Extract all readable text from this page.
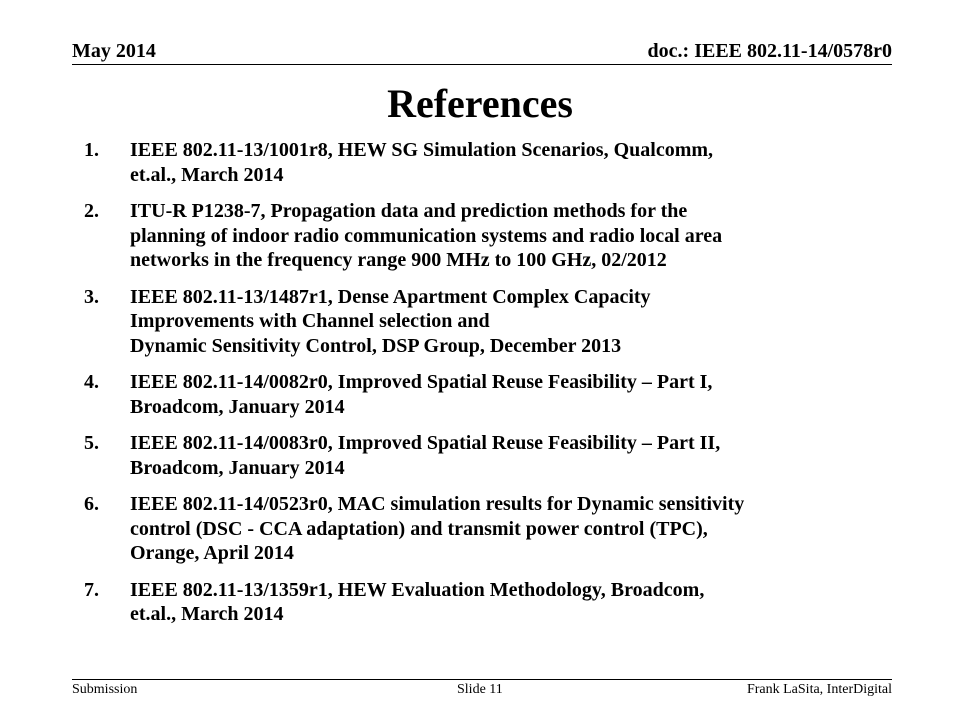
May 2014	doc.: IEEE 802.11-14/0578r0
References
1.	IEEE 802.11-13/1001r8, HEW SG Simulation Scenarios, Qualcomm,
et.al., March 2014
2.	ITU-R P1238-7, Propagation data and prediction methods for the
planning of indoor radio communication systems and radio local area
networks in the frequency range 900 MHz to 100 GHz, 02/2012
3.	IEEE 802.11-13/1487r1, Dense Apartment Complex Capacity
Improvements with Channel selection and
Dynamic Sensitivity Control, DSP Group, December 2013
4.	IEEE 802.11-14/0082r0, Improved Spatial Reuse Feasibility – Part I,
Broadcom, January 2014
5.	IEEE 802.11-14/0083r0, Improved Spatial Reuse Feasibility – Part II,
Broadcom, January 2014
6.	IEEE 802.11-14/0523r0, MAC simulation results for Dynamic sensitivity
control (DSC - CCA adaptation) and transmit power control (TPC),
Orange, April 2014
7.	IEEE 802.11-13/1359r1, HEW Evaluation Methodology, Broadcom,
et.al., March 2014
Submission	Slide 11	Frank LaSita, InterDigital
